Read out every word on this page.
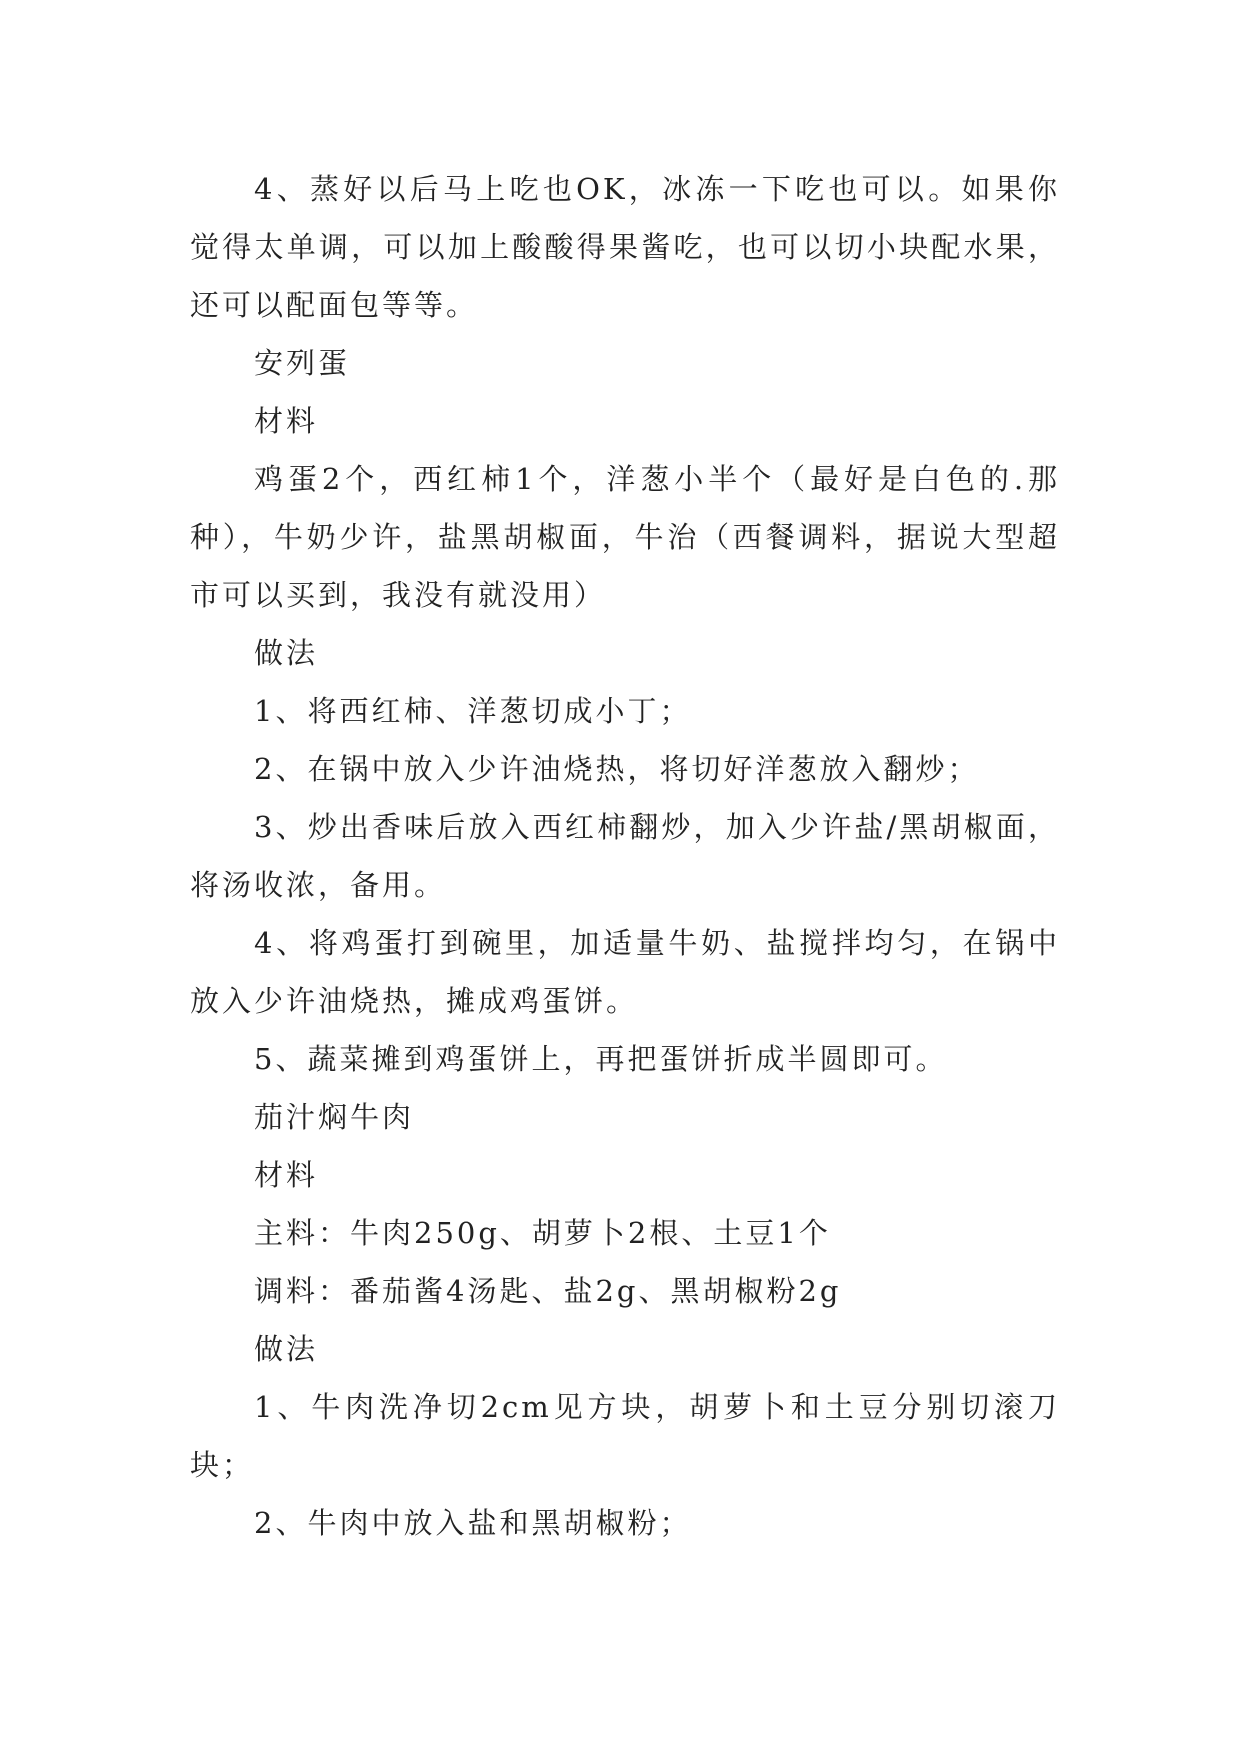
4、蒸好以后马上吃也OK，冰冻一下吃也可以。如果你觉得太单调，可以加上酸酸得果酱吃，也可以切小块配水果，还可以配面包等等。

安列蛋

材料

鸡蛋2个，西红柿1个，洋葱小半个（最好是白色的.那种），牛奶少许，盐黑胡椒面，牛治（西餐调料，据说大型超市可以买到，我没有就没用）

做法

1、将西红柿、洋葱切成小丁；

2、在锅中放入少许油烧热，将切好洋葱放入翻炒；

3、炒出香味后放入西红柿翻炒，加入少许盐/黑胡椒面，将汤收浓，备用。

4、将鸡蛋打到碗里，加适量牛奶、盐搅拌均匀，在锅中放入少许油烧热，摊成鸡蛋饼。

5、蔬菜摊到鸡蛋饼上，再把蛋饼折成半圆即可。

茄汁焖牛肉

材料

主料：牛肉250g、胡萝卜2根、土豆1个

调料：番茄酱4汤匙、盐2g、黑胡椒粉2g

做法

1、牛肉洗净切2cm见方块，胡萝卜和土豆分别切滚刀块；

2、牛肉中放入盐和黑胡椒粉；
